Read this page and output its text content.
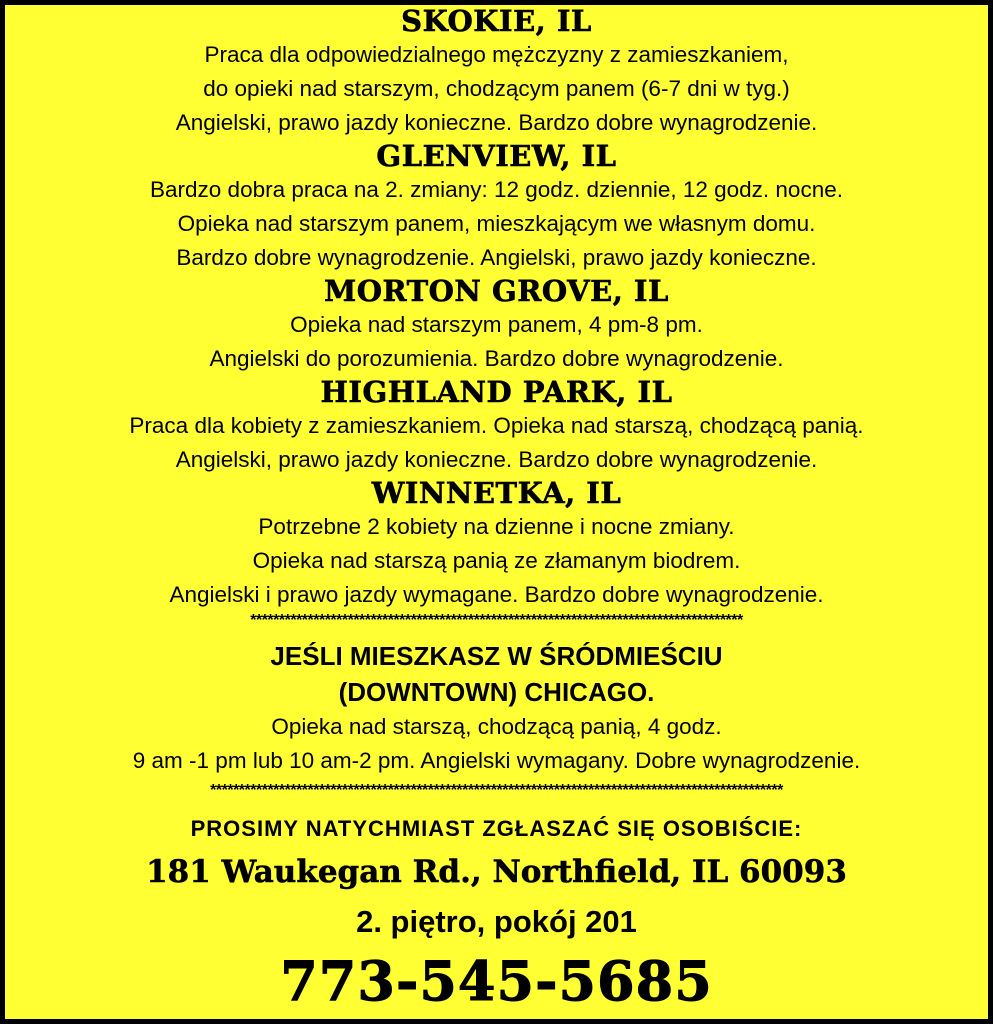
SKOKIE, IL
Praca dla odpowiedzialnego mężczyzny z zamieszkaniem,
do opieki nad starszym, chodzącym panem (6-7 dni w tyg.)
Angielski, prawo jazdy konieczne. Bardzo dobre wynagrodzenie.
GLENVIEW, IL
Bardzo dobra praca na 2. zmiany: 12 godz. dziennie, 12 godz. nocne.
Opieka nad starszym panem, mieszkającym we własnym domu.
Bardzo dobre wynagrodzenie. Angielski, prawo jazdy konieczne.
MORTON GROVE, IL
Opieka nad starszym panem, 4 pm-8 pm.
Angielski do porozumienia. Bardzo dobre wynagrodzenie.
HIGHLAND PARK, IL
Praca dla kobiety z zamieszkaniem. Opieka nad starszą, chodzącą panią.
Angielski, prawo jazdy konieczne. Bardzo dobre wynagrodzenie.
WINNETKA, IL
Potrzebne 2 kobiety na dzienne i nocne zmiany.
Opieka nad starszą panią ze złamanym biodrem.
Angielski i prawo jazdy wymagane. Bardzo dobre wynagrodzenie.
**************************************************************************************
JEŚLI MIESZKASZ W ŚRÓDMIEŚCIU
(DOWNTOWN) CHICAGO.
Opieka nad starszą, chodzącą panią, 4 godz.
9 am -1 pm lub 10 am-2 pm. Angielski wymagany. Dobre wynagrodzenie.
****************************************************************************************************
PROSIMY NATYCHMIAST ZGŁASZAĆ SIĘ OSOBIŚCIE:
181 Waukegan Rd., Northfield, IL 60093
2. piętro, pokój 201
773-545-5685
